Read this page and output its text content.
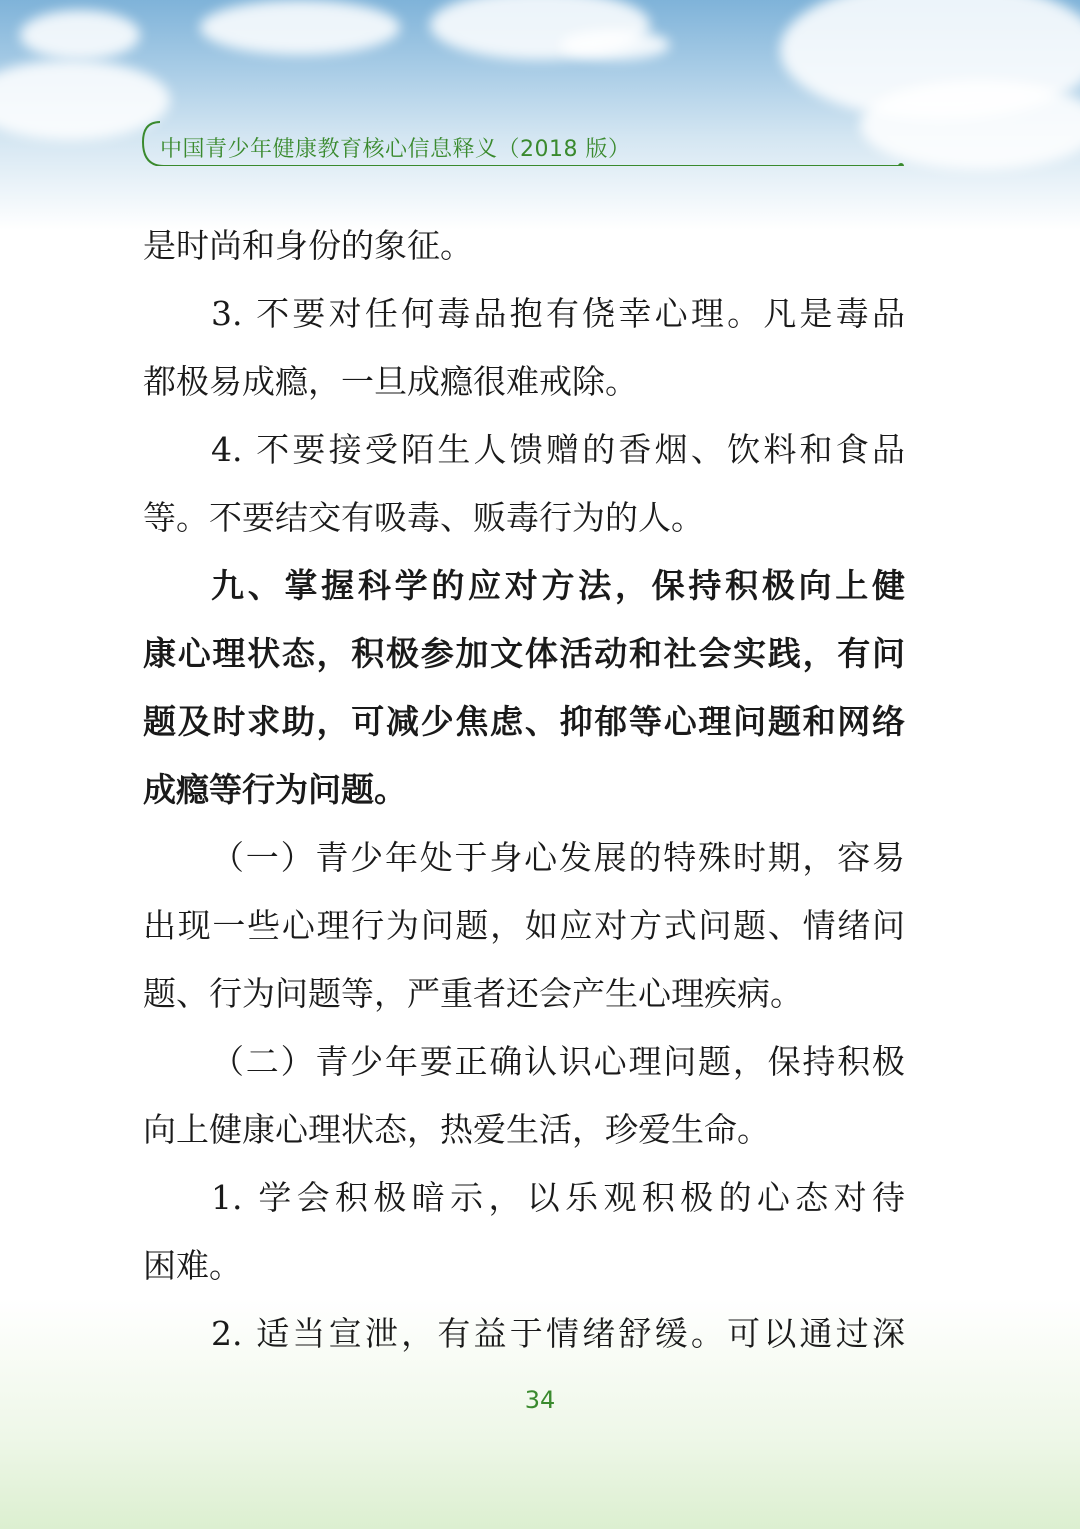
中国青少年健康教育核心信息释义（2018 版）
是时尚和身份的象征。
3. 不要对任何毒品抱有侥幸心理。凡是毒品
都极易成瘾，一旦成瘾很难戒除。
4. 不要接受陌生人馈赠的香烟、饮料和食品
等。不要结交有吸毒、贩毒行为的人。
九、掌握科学的应对方法，保持积极向上健
康心理状态，积极参加文体活动和社会实践，有问
题及时求助，可减少焦虑、抑郁等心理问题和网络
成瘾等行为问题。
（一）青少年处于身心发展的特殊时期，容易
出现一些心理行为问题，如应对方式问题、情绪问
题、行为问题等，严重者还会产生心理疾病。
（二）青少年要正确认识心理问题，保持积极
向上健康心理状态，热爱生活，珍爱生命。
1. 学会积极暗示，以乐观积极的心态对待
困难。
2. 适当宣泄，有益于情绪舒缓。可以通过深
34
